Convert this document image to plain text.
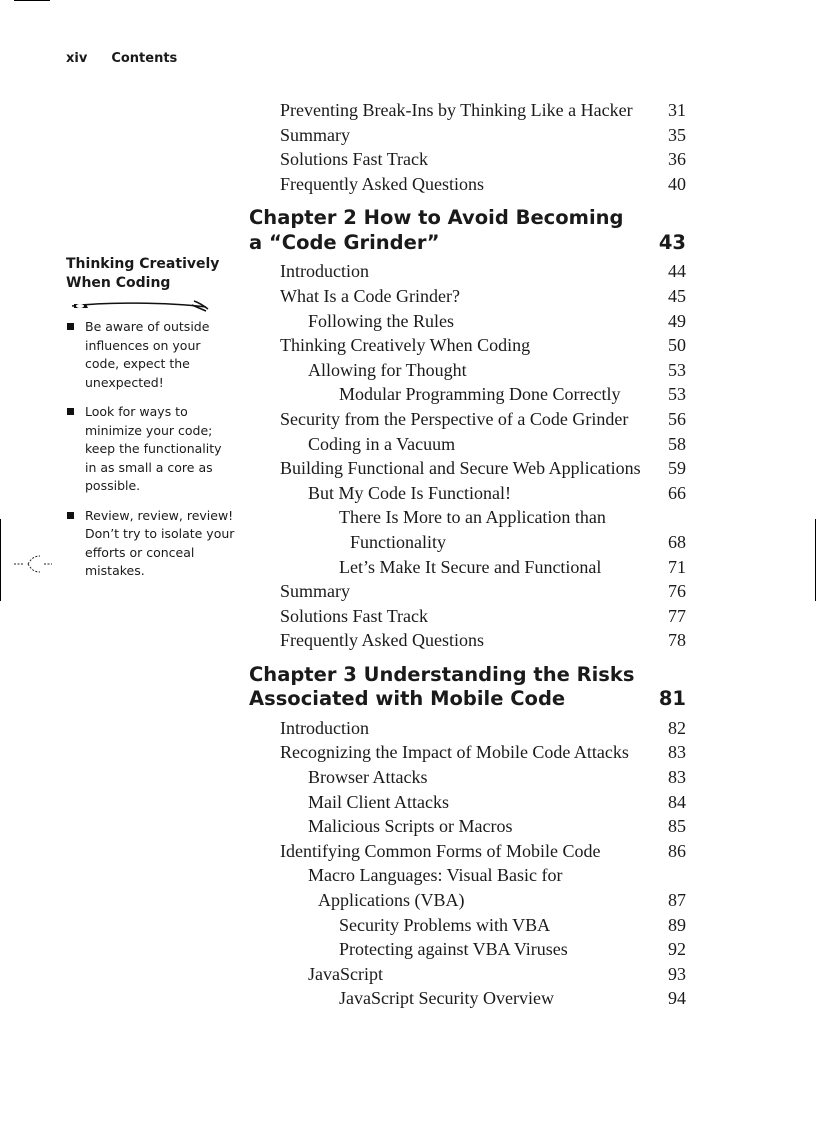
xiv Contents
Thinking Creatively
When Coding
Be aware of outside
influences on your
code, expect the
unexpected!
Look for ways to
minimize your code;
keep the functionality
in as small a core as
possible.
Review, review, review!
Don’t try to isolate your
efforts or conceal
mistakes.
Preventing Break-Ins by Thinking Like a Hacker 31
Summary	35
Solutions Fast Track	36
Frequently Asked Questions	40
Chapter 2 How to Avoid Becoming
a “Code Grinder”	43
Introduction	44
What Is a Code Grinder?	45
Following the Rules	49
Thinking Creatively When Coding	50
Allowing for Thought	53
Modular Programming Done Correctly	53
Security from the Perspective of a Code Grinder 56
Coding in a Vacuum	58
Building Functional and Secure Web Applications 59
But My Code Is Functional!	66
There Is More to an Application than
Functionality	68
Let’s Make It Secure and Functional	71
Summary	76
Solutions Fast Track	77
Frequently Asked Questions	78
Chapter 3 Understanding the Risks
Associated with Mobile Code	81
Introduction	82
Recognizing the Impact of Mobile Code Attacks 83
Browser Attacks	83
Mail Client Attacks	84
Malicious Scripts or Macros	85
Identifying Common Forms of Mobile Code	86
Macro Languages: Visual Basic for
Applications (VBA)	87
Security Problems with VBA	89
Protecting against VBA Viruses	92
JavaScript	93
JavaScript Security Overview	94
